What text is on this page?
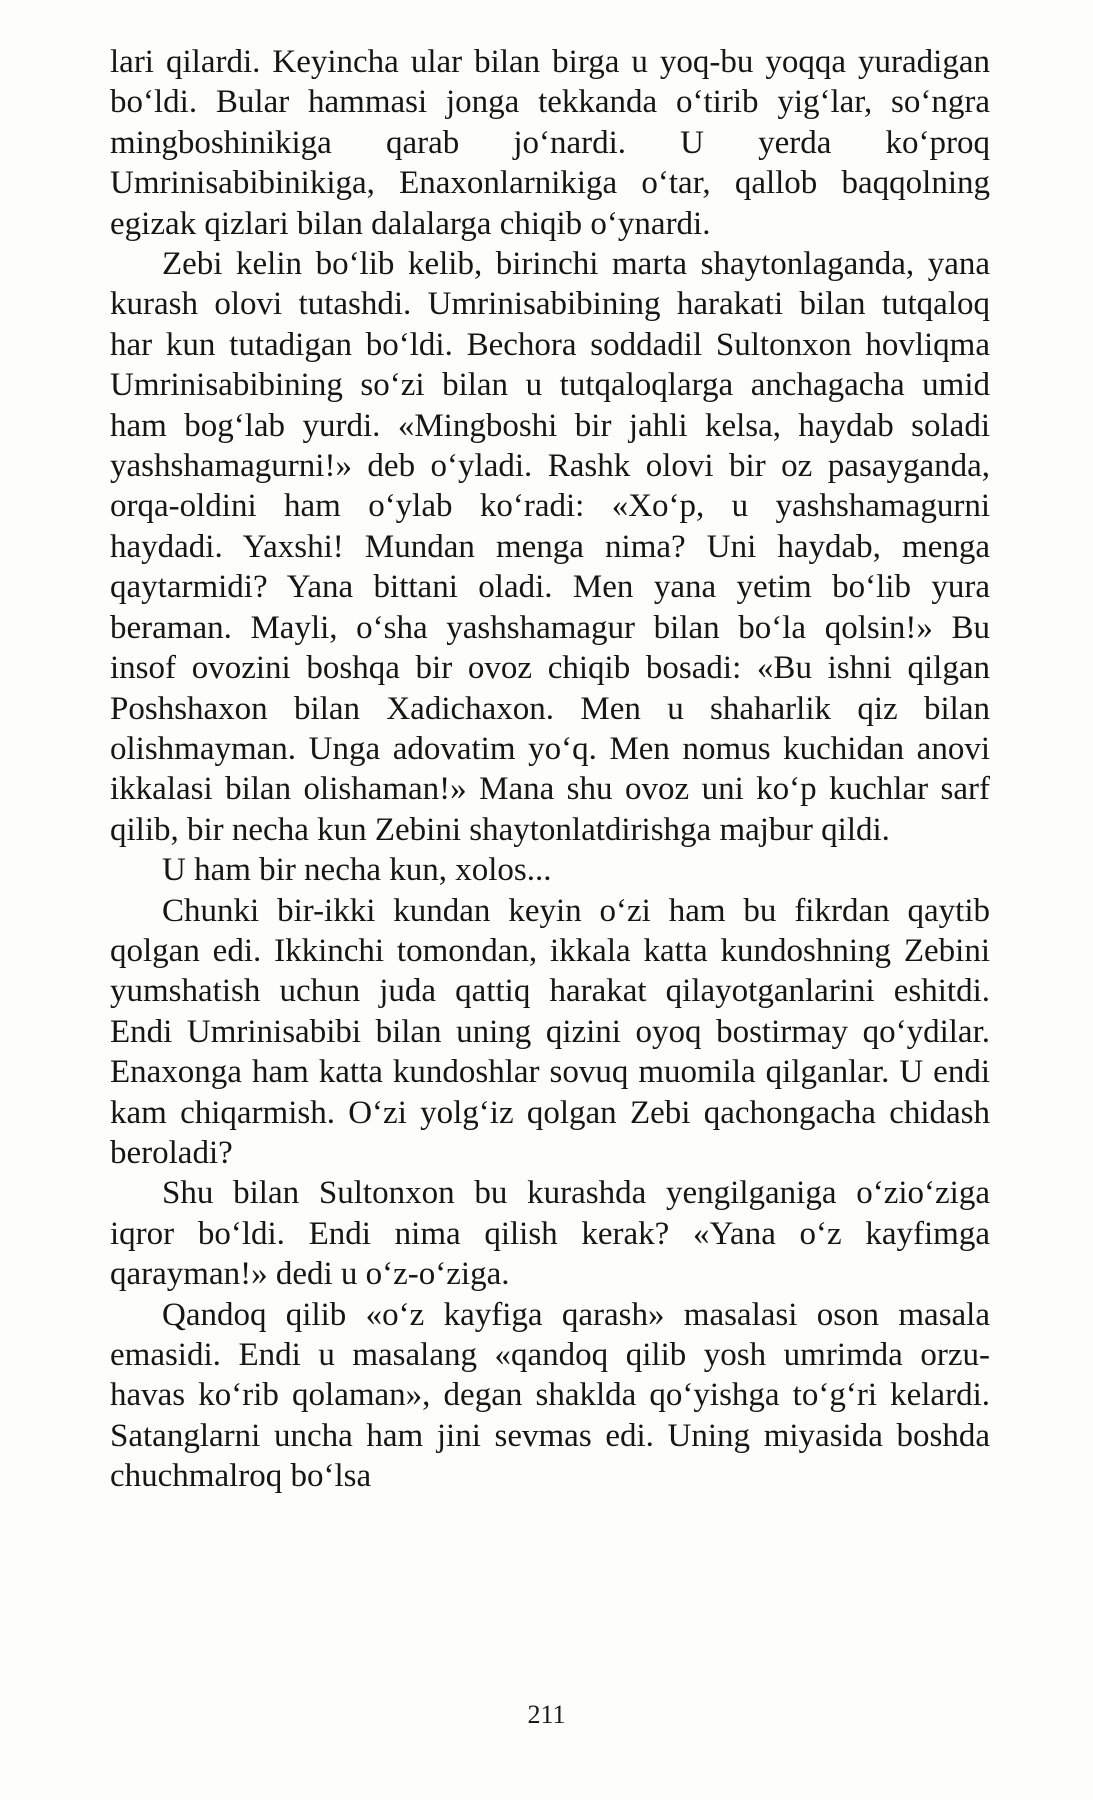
lari qilardi. Keyincha ular bilan birga u yoq-bu yoqqa yuradigan bo‘ldi. Bular hammasi jonga tekkanda o‘tirib yig‘lar, so‘ngra mingboshinikiga qarab jo‘nardi. U yerda ko‘proq Umrinisabibinikiga, Enaxonlarnikiga o‘tar, qallob baqqolning egizak qizlari bilan dalalarga chiqib o‘ynardi.

Zebi kelin bo‘lib kelib, birinchi marta shaytonlaganda, yana kurash olovi tutashdi. Umrinisabibining harakati bilan tutqaloq har kun tutadigan bo‘ldi. Bechora soddadil Sultonxon hovliqma Umrinisabibining so‘zi bilan u tutqaloqlarga anchagacha umid ham bog‘lab yurdi. «Mingboshi bir jahli kelsa, haydab soladi yashshamagurni!» deb o‘yladi. Rashk olovi bir oz pasayganda, orqa-oldini ham o‘ylab ko‘radi: «Xo‘p, u yashshamagurni haydadi. Yaxshi! Mundan menga nima? Uni haydab, menga qaytarmidi? Yana bittani oladi. Men yana yetim bo‘lib yura beraman. Mayli, o‘sha yashshamagur bilan bo‘la qolsin!» Bu insof ovozini boshqa bir ovoz chiqib bosadi: «Bu ishni qilgan Poshshaxon bilan Xadichaxon. Men u shaharlik qiz bilan olishmayman. Unga adovatim yo‘q. Men nomus kuchidan anovi ikkalasi bilan olishaman!» Mana shu ovoz uni ko‘p kuchlar sarf qilib, bir necha kun Zebini shaytonlatdirishga majbur qildi.

U ham bir necha kun, xolos...

Chunki bir-ikki kundan keyin o‘zi ham bu fikrdan qaytib qolgan edi. Ikkinchi tomondan, ikkala katta kundoshning Zebini yumshatish uchun juda qattiq harakat qilayotganlarini eshitdi. Endi Umrinisabibi bilan uning qizini oyoq bostirmay qo‘ydilar. Enaxonga ham katta kundoshlar sovuq muomila qilganlar. U endi kam chiqarmish. O‘zi yolg‘iz qolgan Zebi qachongacha chidash beroladi?

Shu bilan Sultonxon bu kurashda yengilganiga o‘zio‘ziga iqror bo‘ldi. Endi nima qilish kerak? «Yana o‘z kayfimga qarayman!» dedi u o‘z-o‘ziga.

Qandoq qilib «o‘z kayfiga qarash» masalasi oson masala emasidi. Endi u masalang «qandoq qilib yosh umrimda orzu-havas ko‘rib qolaman», degan shaklda qo‘yishga to‘g‘ri kelardi. Satanglarni uncha ham jini sevmas edi. Uning miyasida boshda chuchmalroq bo‘lsa

211
